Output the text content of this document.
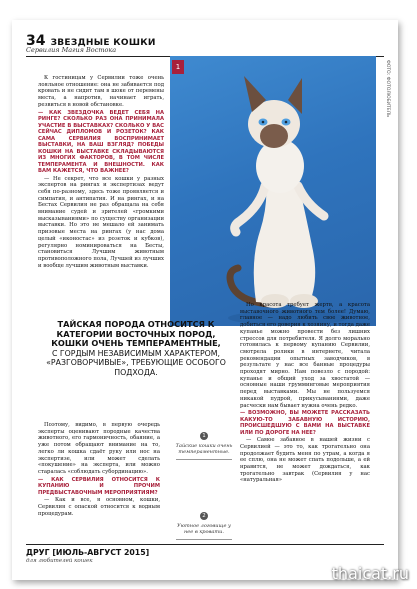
34 ЗВЕЗДНЫЕ КОШКИ
Сервилия Магия Востока
1	ФОТО: ФОТОЛЮБИТЕЛЬ

К гостиницам у Сервилии тоже очень лояльное отношение: она не забивается под кровать и не сидит там в шоке от перемены места, а напротив, начинает играть, резвиться в новой обстановке.

— КАК ЗВЕЗДОЧКА ВЕДЕТ СЕБЯ НА РИНГЕ? СКОЛЬКО РАЗ ОНА ПРИНИМАЛА УЧАСТИЕ В ВЫСТАВКАХ? СКОЛЬКО У ВАС СЕЙЧАС ДИПЛОМОВ И РОЗЕТОК? КАК САМА СЕРВИЛИЯ ВОСПРИНИМАЕТ ВЫСТАВКИ, НА ВАШ ВЗГЛЯД? ПОБЕДЫ КОШКИ НА ВЫСТАВКЕ СКЛАДЫВАЮТСЯ ИЗ МНОГИХ ФАКТОРОВ, В ТОМ ЧИСЛЕ ТЕМПЕРАМЕНТА И ВНЕШНОСТИ. КАК ВАМ КАЖЕТСЯ, ЧТО ВАЖНЕЕ?

— Не секрет, что все кошки у разных экспертов на рингах и экспертизах ведут себя по-разному, здесь тоже проявляется и симпатия, и антипатия. И на рингах, и на Бестах Сервилия не раз обращала на себя внимание судей и зрителей «громкими высказываниями» по существу организации выставки. Но это не мешало ей занимать призовые места на рингах (у нас дома целый «иконостас» из розеток и кубков), регулярно номинироваться на Бесты, становиться Лучшим животным противоположного пола, Лучшей из лучших и вообще лучшим животным выставки.

ТАЙСКАЯ ПОРОДА ОТНОСИТСЯ К КАТЕГОРИИ ВОСТОЧНЫХ ПОРОД, КОШКИ ОЧЕНЬ ТЕМПЕРАМЕНТНЫЕ,
С ГОРДЫМ НЕЗАВИСИМЫМ ХАРАКТЕРОМ, «РАЗГОВОРЧИВЫЕ», ТРЕБУЮЩИЕ ОСОБОГО ПОДХОДА.

Но красота требует жертв, а красота выставочного животного тем более! Думаю, главное — надо любить свое животное, добиться его доверия к хозяину, и тогда даже купанье можно провести без лишних стрессов для потребителя. Я долго морально готовилась к первому купанию Сервилии, смотрела ролики в интернете, читала рекомендации опытных заводчиков, в результате у нас все банные процедуры проходят мирно. Нам повезло с породой: купанье и общий уход за хвостатой — основные наши грумминговые мероприятия перед выставками. Мы не пользуемся никакой пудрой, прикусываниями, даже расчески нам бывает нужна очень редко.

— ВОЗМОЖНО, ВЫ МОЖЕТЕ РАССКАЗАТЬ КАКУЮ-ТО ЗАБАВНУЮ ИСТОРИЮ, ПРОИСШЕДШУЮ С ВАМИ НА ВЫСТАВКЕ ИЛИ ПО ДОРОГЕ НА НЕЕ?

— Самое забавное в нашей жизни с Сервилией — это то, как трогательно она продолжает будить меня по утрам, а когда я ее сплю, она не может спать подольше, а ей нравится, не может дождаться, как трогательно завтрак (Сервилия у нас «натуральная»

Поэтому, видимо, в первую очередь эксперты оценивают породные качества животного, его гармоничность, обаяние, а уже потом обращают внимание на то, легко ли кошка сдаёт руку или нос на экспертизе, или может сделать «покушение» на эксперта, или можно старалась «соблюдать субординацию».

— КАК СЕРВИЛИЯ ОТНОСИТСЯ К КУПАНИЮ И ПРОЧИМ ПРЕДВЫСТАВОЧНЫМ МЕРОПРИЯТИЯМ?

— Как и все, я основном, кошки, Сервилия с опаской относится к водным процедурам.

1
Тайские кошки очень темпераментные.
2
Уютное логовище у нее в кровати.
ДРУГ [ИЮЛЬ-АВГУСТ 2015]
для любителей кошек
thaicat.ru
